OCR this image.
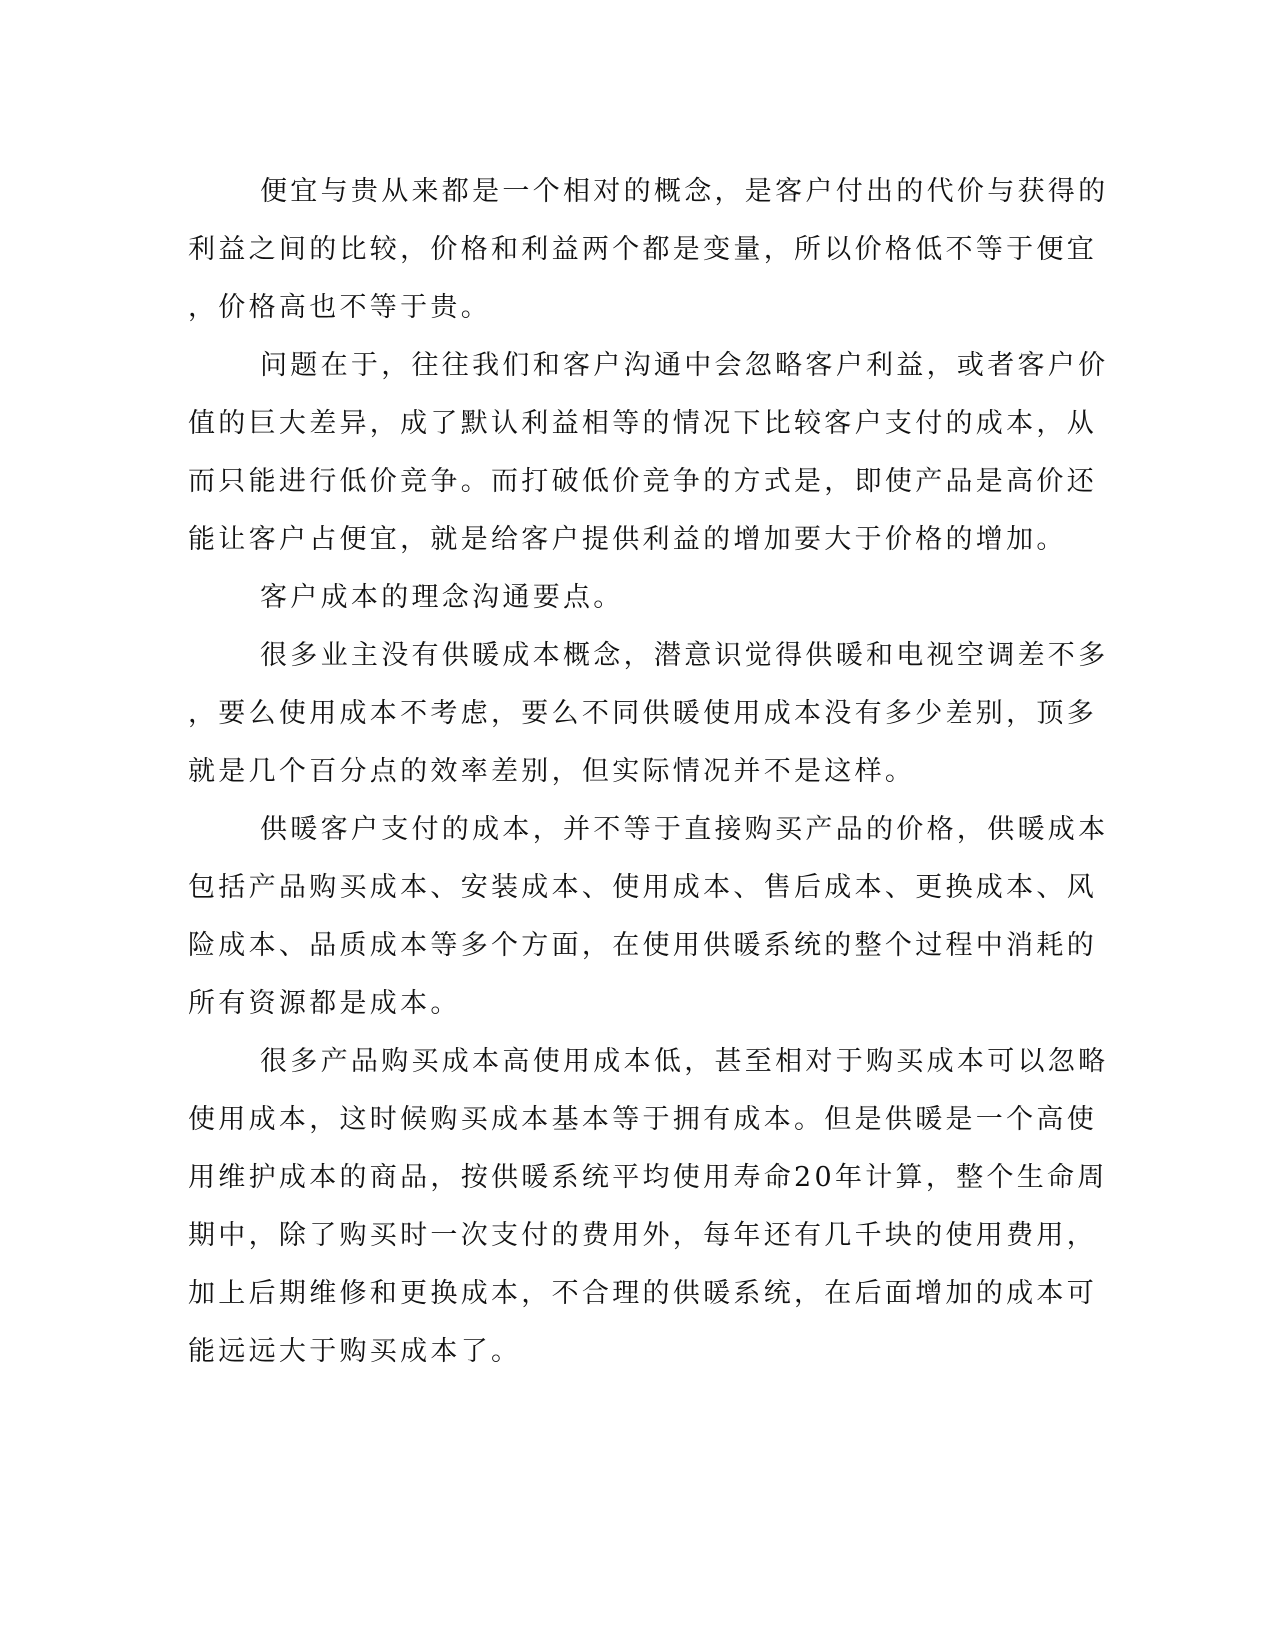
便宜与贵从来都是一个相对的概念，是客户付出的代价与获得的
利益之间的比较，价格和利益两个都是变量，所以价格低不等于便宜
，价格高也不等于贵。
问题在于，往往我们和客户沟通中会忽略客户利益，或者客户价
值的巨大差异，成了默认利益相等的情况下比较客户支付的成本，从
而只能进行低价竞争。而打破低价竞争的方式是，即使产品是高价还
能让客户占便宜，就是给客户提供利益的增加要大于价格的增加。
客户成本的理念沟通要点。
很多业主没有供暖成本概念，潜意识觉得供暖和电视空调差不多
，要么使用成本不考虑，要么不同供暖使用成本没有多少差别，顶多
就是几个百分点的效率差别，但实际情况并不是这样。
供暖客户支付的成本，并不等于直接购买产品的价格，供暖成本
包括产品购买成本、安装成本、使用成本、售后成本、更换成本、风
险成本、品质成本等多个方面，在使用供暖系统的整个过程中消耗的
所有资源都是成本。
很多产品购买成本高使用成本低，甚至相对于购买成本可以忽略
使用成本，这时候购买成本基本等于拥有成本。但是供暖是一个高使
用维护成本的商品，按供暖系统平均使用寿命20年计算，整个生命周
期中，除了购买时一次支付的费用外，每年还有几千块的使用费用，
加上后期维修和更换成本，不合理的供暖系统，在后面增加的成本可
能远远大于购买成本了。
